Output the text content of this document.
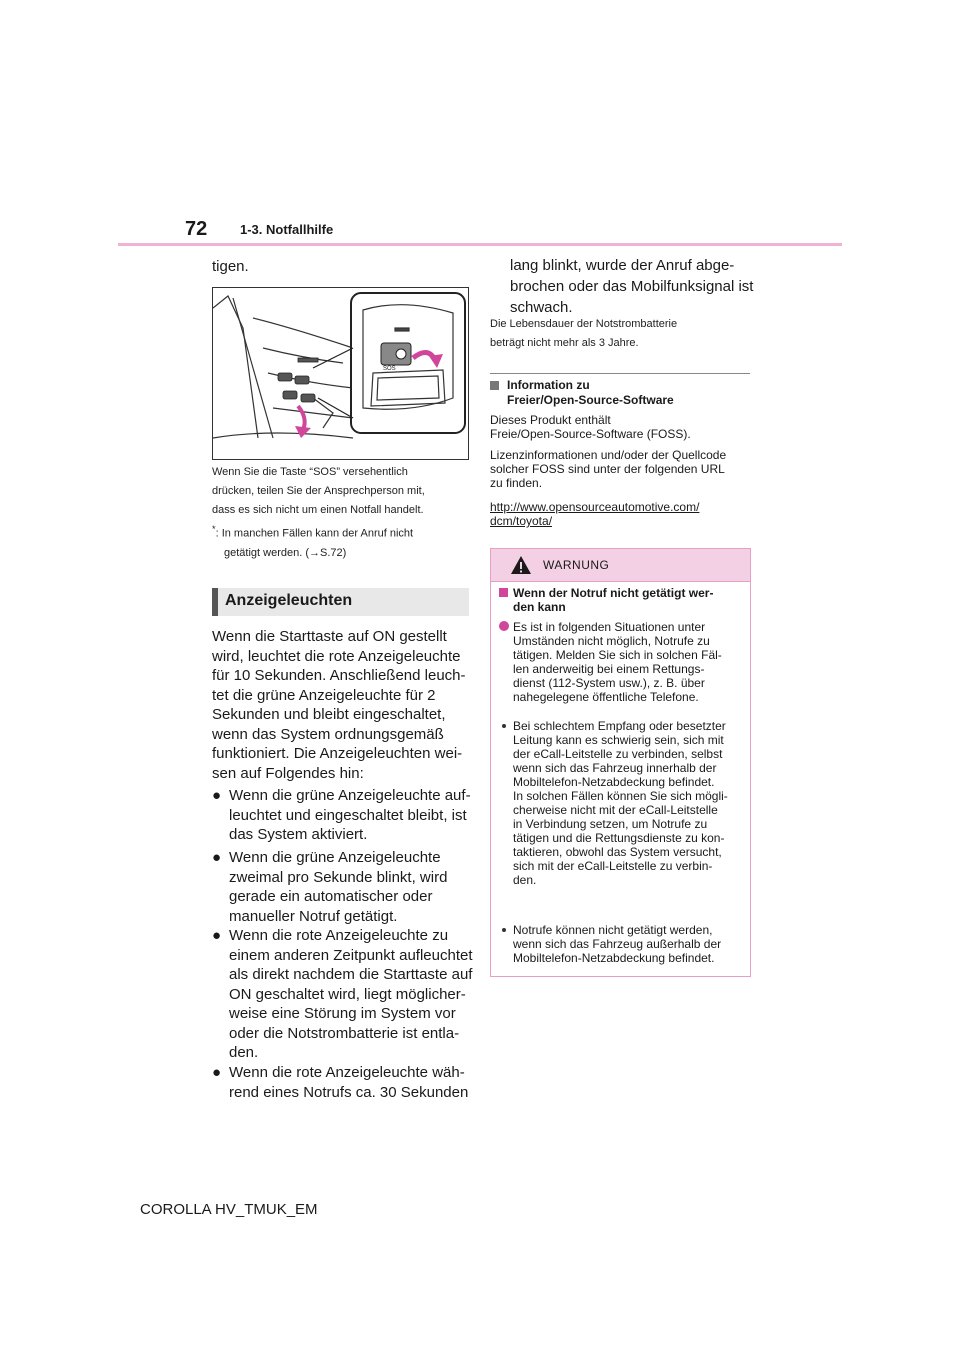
72	1-3. Notfallhilfe
tigen.
SOS
Wenn Sie die Taste “SOS” versehentlich
drücken, teilen Sie der Ansprechperson mit,
dass es sich nicht um einen Notfall handelt.
*: In manchen Fällen kann der Anruf nicht
getätigt werden. (→S.72)
Anzeigeleuchten

Wenn die Starttaste auf ON gestellt

wird, leuchtet die rote Anzeigeleuchte

für 10 Sekunden. Anschließend leuch-

tet die grüne Anzeigeleuchte für 2

Sekunden und bleibt eingeschaltet,

wenn das System ordnungsgemäß

funktioniert. Die Anzeigeleuchten wei-

sen auf Folgendes hin:

● Wenn die grüne Anzeigeleuchte auf-
leuchtet und eingeschaltet bleibt, ist
das System aktiviert.
● Wenn die grüne Anzeigeleuchte
zweimal pro Sekunde blinkt, wird
gerade ein automatischer oder
manueller Notruf getätigt.
● Wenn die rote Anzeigeleuchte zu
einem anderen Zeitpunkt aufleuchtet
als direkt nachdem die Starttaste auf
ON geschaltet wird, liegt möglicher-
weise eine Störung im System vor
oder die Notstrombatterie ist entla-
den.
● Wenn die rote Anzeigeleuchte wäh-
rend eines Notrufs ca. 30 Sekunden
lang blinkt, wurde der Anruf abge-
brochen oder das Mobilfunksignal ist
schwach.
Die Lebensdauer der Notstrombatterie
beträgt nicht mehr als 3 Jahre.
Information zu
Freier/Open-Source-Software
Dieses Produkt enthält
Freie/Open-Source-Software (FOSS).
Lizenzinformationen und/oder der Quellcode
solcher FOSS sind unter der folgenden URL
zu finden.
http://www.opensourceautomotive.com/
dcm/toyota/
WARNUNG
Wenn der Notruf nicht getätigt wer-
den kann
Es ist in folgenden Situationen unter
Umständen nicht möglich, Notrufe zu
tätigen. Melden Sie sich in solchen Fäl-
len anderweitig bei einem Rettungs-
dienst (112-System usw.), z. B. über
nahegelegene öffentliche Telefone.
Bei schlechtem Empfang oder besetzter
Leitung kann es schwierig sein, sich mit
der eCall-Leitstelle zu verbinden, selbst
wenn sich das Fahrzeug innerhalb der
Mobiltelefon-Netzabdeckung befindet.
In solchen Fällen können Sie sich mögli-
cherweise nicht mit der eCall-Leitstelle
in Verbindung setzen, um Notrufe zu
tätigen und die Rettungsdienste zu kon-
taktieren, obwohl das System versucht,
sich mit der eCall-Leitstelle zu verbin-
den.
Notrufe können nicht getätigt werden,
wenn sich das Fahrzeug außerhalb der
Mobiltelefon-Netzabdeckung befindet.
COROLLA HV_TMUK_EM
